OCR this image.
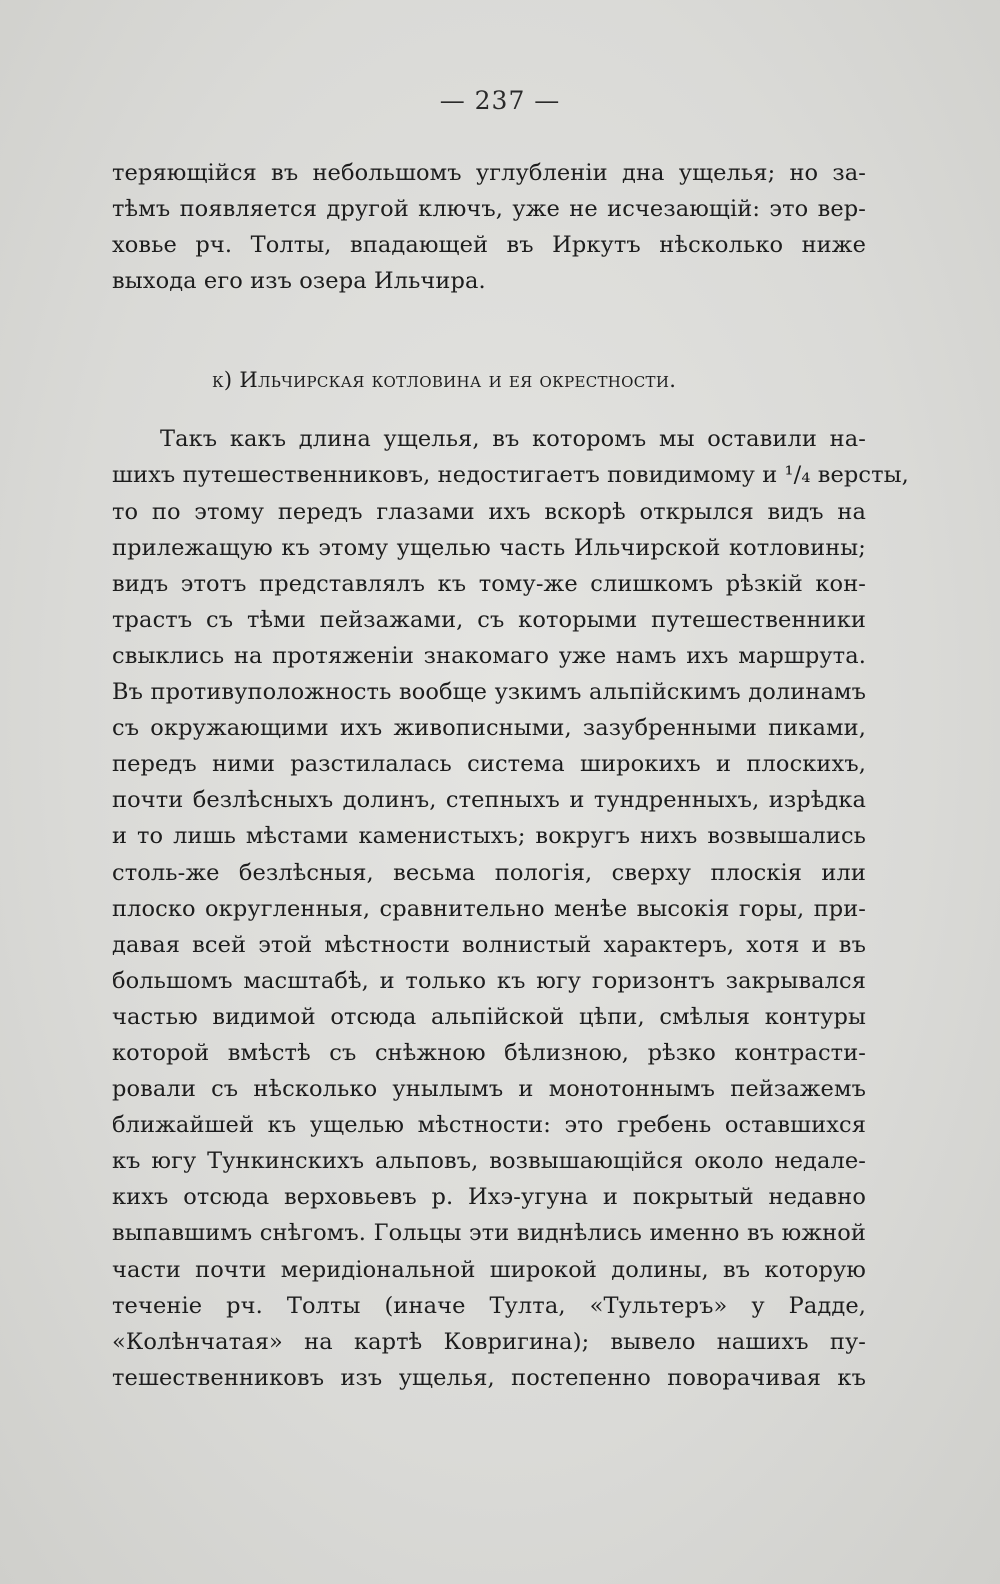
— 237 —
теряющійся въ небольшомъ углубленіи дна ущелья; но за-
тѣмъ появляется другой ключъ, уже не исчезающій: это вер-
ховье рч. Толты, впадающей въ Иркутъ нѣсколько ниже
выхода его изъ озера Ильчира.
к) Ильчирская котловина и ея окрестности.
Такъ какъ длина ущелья, въ которомъ мы оставили на-
шихъ путешественниковъ, недостигаетъ повидимому и ¹/₄ версты,
то по этому передъ глазами ихъ вскорѣ открылся видъ на
прилежащую къ этому ущелью часть Ильчирской котловины;
видъ этотъ представлялъ къ тому-же слишкомъ рѣзкій кон-
трастъ съ тѣми пейзажами, съ которыми путешественники
свыклись на протяженіи знакомаго уже намъ ихъ маршрута.
Въ противуположность вообще узкимъ альпійскимъ долинамъ
съ окружающими ихъ живописными, зазубренными пиками,
передъ ними разстилалась система широкихъ и плоскихъ,
почти безлѣсныхъ долинъ, степныхъ и тундренныхъ, изрѣдка
и то лишь мѣстами каменистыхъ; вокругъ нихъ возвышались
столь-же безлѣсныя, весьма пологія, сверху плоскія или
плоско округленныя, сравнительно менѣе высокія горы, при-
давая всей этой мѣстности волнистый характеръ, хотя и въ
большомъ масштабѣ, и только къ югу горизонтъ закрывался
частью видимой отсюда альпійской цѣпи, смѣлыя контуры
которой вмѣстѣ съ снѣжною бѣлизною, рѣзко контрасти-
ровали съ нѣсколько унылымъ и монотоннымъ пейзажемъ
ближайшей къ ущелью мѣстности: это гребень оставшихся
къ югу Тункинскихъ альповъ, возвышающійся около недале-
кихъ отсюда верховьевъ р. Ихэ-угуна и покрытый недавно
выпавшимъ снѣгомъ. Гольцы эти виднѣлись именно въ южной
части почти меридіональной широкой долины, въ которую
теченіе рч. Толты (иначе Тулта, «Тультеръ» у Радде,
«Колѣнчатая» на картѣ Ковригина); вывело нашихъ пу-
тешественниковъ изъ ущелья, постепенно поворачивая къ
